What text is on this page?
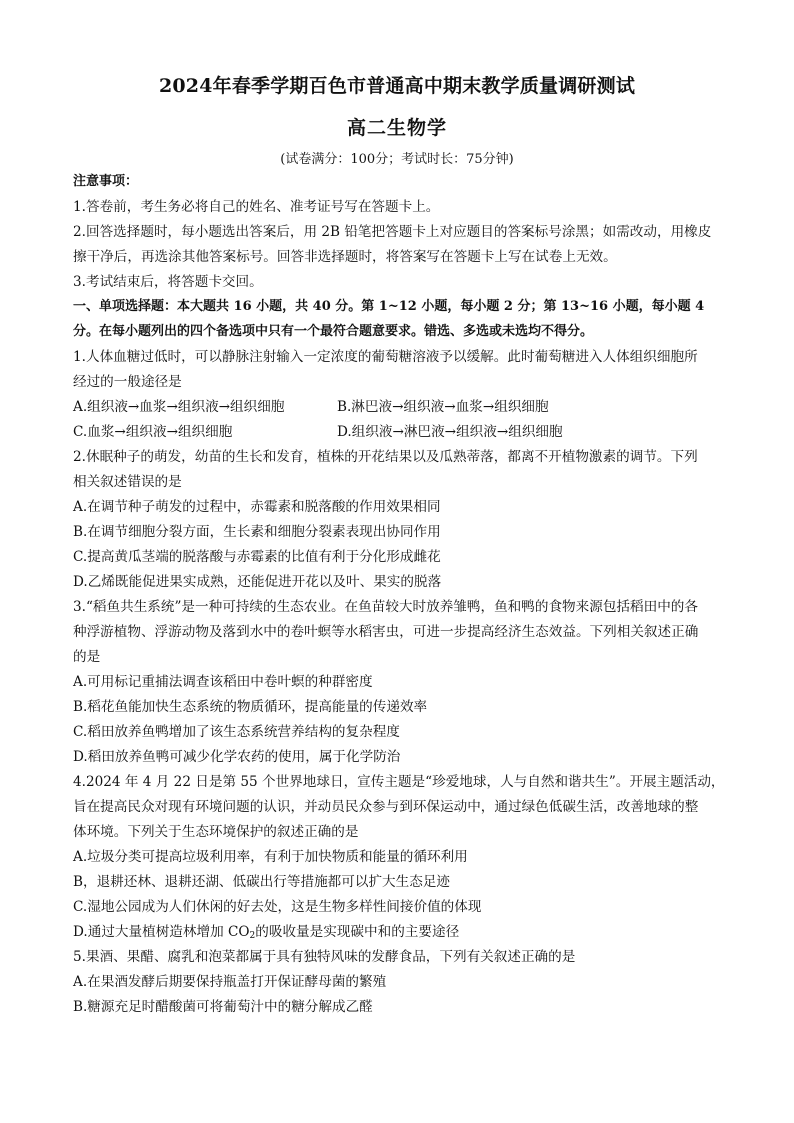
2024年春季学期百色市普通高中期末教学质量调研测试
高二生物学
(试卷满分：100分；考试时长：75分钟)
注意事项：
1.答卷前，考生务必将自己的姓名、准考证号写在答题卡上。
2.回答选择题时，每小题选出答案后，用 2B 铅笔把答题卡上对应题目的答案标号涂黑；如需改动，用橡皮
擦干净后，再选涂其他答案标号。回答非选择题时，将答案写在答题卡上写在试卷上无效。
3.考试结束后，将答题卡交回。
一、单项选择题：本大题共 16 小题，共 40 分。第 1~12 小题，每小题 2 分；第 13~16 小题，每小题 4
分。在每小题列出的四个备选项中只有一个最符合题意要求。错选、多选或未选均不得分。
1.人体血糖过低时，可以静脉注射输入一定浓度的葡萄糖溶液予以缓解。此时葡萄糖进入人体组织细胞所
经过的一般途径是
A.组织液→血浆→组织液→组织细胞	B.淋巴液→组织液→血浆→组织细胞
C.血浆→组织液→组织细胞	D.组织液→淋巴液→组织液→组织细胞
2.休眠种子的萌发，幼苗的生长和发育，植株的开花结果以及瓜熟蒂落，都离不开植物激素的调节。下列
相关叙述错误的是
A.在调节种子萌发的过程中，赤霉素和脱落酸的作用效果相同
B.在调节细胞分裂方面，生长素和细胞分裂素表现出协同作用
C.提高黄瓜茎端的脱落酸与赤霉素的比值有利于分化形成雌花
D.乙烯既能促进果实成熟，还能促进开花以及叶、果实的脱落
3.“稻鱼共生系统”是一种可持续的生态农业。在鱼苗较大时放养雏鸭，鱼和鸭的食物来源包括稻田中的各
种浮游植物、浮游动物及落到水中的卷叶螟等水稻害虫，可进一步提高经济生态效益。下列相关叙述正确
的是
A.可用标记重捕法调查该稻田中卷叶螟的种群密度
B.稻花鱼能加快生态系统的物质循环，提高能量的传递效率
C.稻田放养鱼鸭增加了该生态系统营养结构的复杂程度
D.稻田放养鱼鸭可减少化学农药的使用，属于化学防治
4.2024 年 4 月 22 日是第 55 个世界地球日，宣传主题是“珍爱地球，人与自然和谐共生”。开展主题活动，
旨在提高民众对现有环境问题的认识，并动员民众参与到环保运动中，通过绿色低碳生活，改善地球的整
体环境。下列关于生态环境保护的叙述正确的是
A.垃圾分类可提高垃圾利用率，有利于加快物质和能量的循环利用
B，退耕还林、退耕还湖、低碳出行等措施都可以扩大生态足迹
C.湿地公园成为人们休闲的好去处，这是生物多样性间接价值的体现
D.通过大量植树造林增加 $CO_2$的吸收量是实现碳中和的主要途径
5.果酒、果醋、腐乳和泡菜都属于具有独特风味的发酵食品，下列有关叙述正确的是
A.在果酒发酵后期要保持瓶盖打开保证酵母菌的繁殖
B.糖源充足时醋酸菌可将葡萄汁中的糖分解成乙醛
